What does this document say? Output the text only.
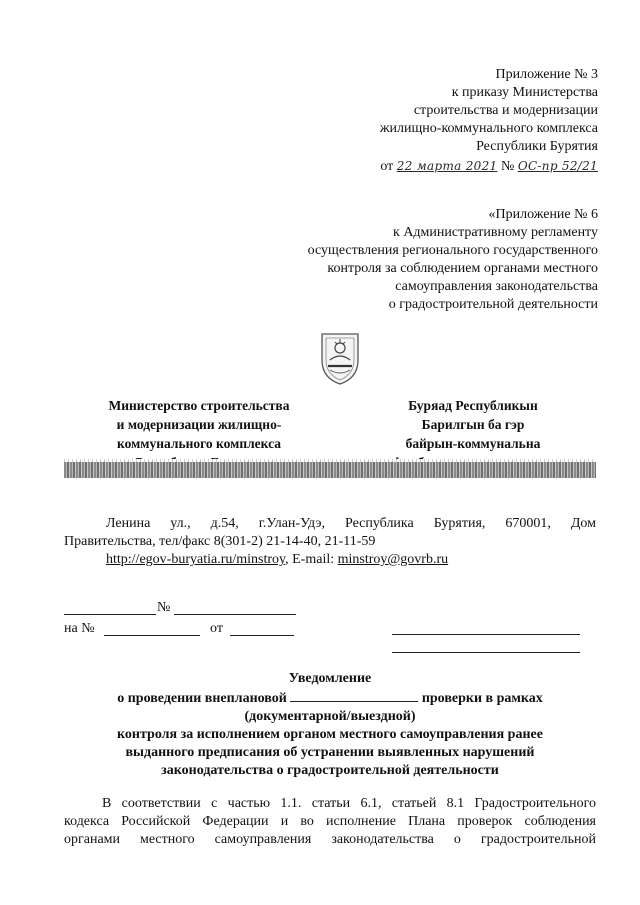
Приложение № 3
к приказу Министерства
строительства и модернизации
жилищно-коммунального комплекса
Республики Бурятия
от 22 марта 2021 № ОС-пр 52/21
«Приложение № 6
к Административному регламенту
осуществления регионального государственного
контроля за соблюдением органами местного
самоуправления законодательства
о градостроительной деятельности
Министерство строительства
и модернизации жилищно-
коммунального комплекса
Буряад Республикын
Барилгын ба гэр
байрын-коммунальна
Ленина ул., д.54, г.Улан-Удэ, Республика Бурятия, 670001, Дом
Правительства, тел/факс 8(301-2) 21-14-40, 21-11-59
http://egov-buryatia.ru/minstroy, E-mail: minstroy@govrb.ru
№
на №	от
Уведомление
о проведении внеплановой	проверки в рамках
(документарной/выездной)
контроля за исполнением органом местного самоуправления ранее
выданного предписания об устранении выявленных нарушений
законодательства о градостроительной деятельности
В соответствии с частью 1.1. статьи 6.1, статьей 8.1 Градостроительного
кодекса Российской Федерации и во исполнение Плана проверок соблюдения
органами местного самоуправления законодательства о градостроительной
